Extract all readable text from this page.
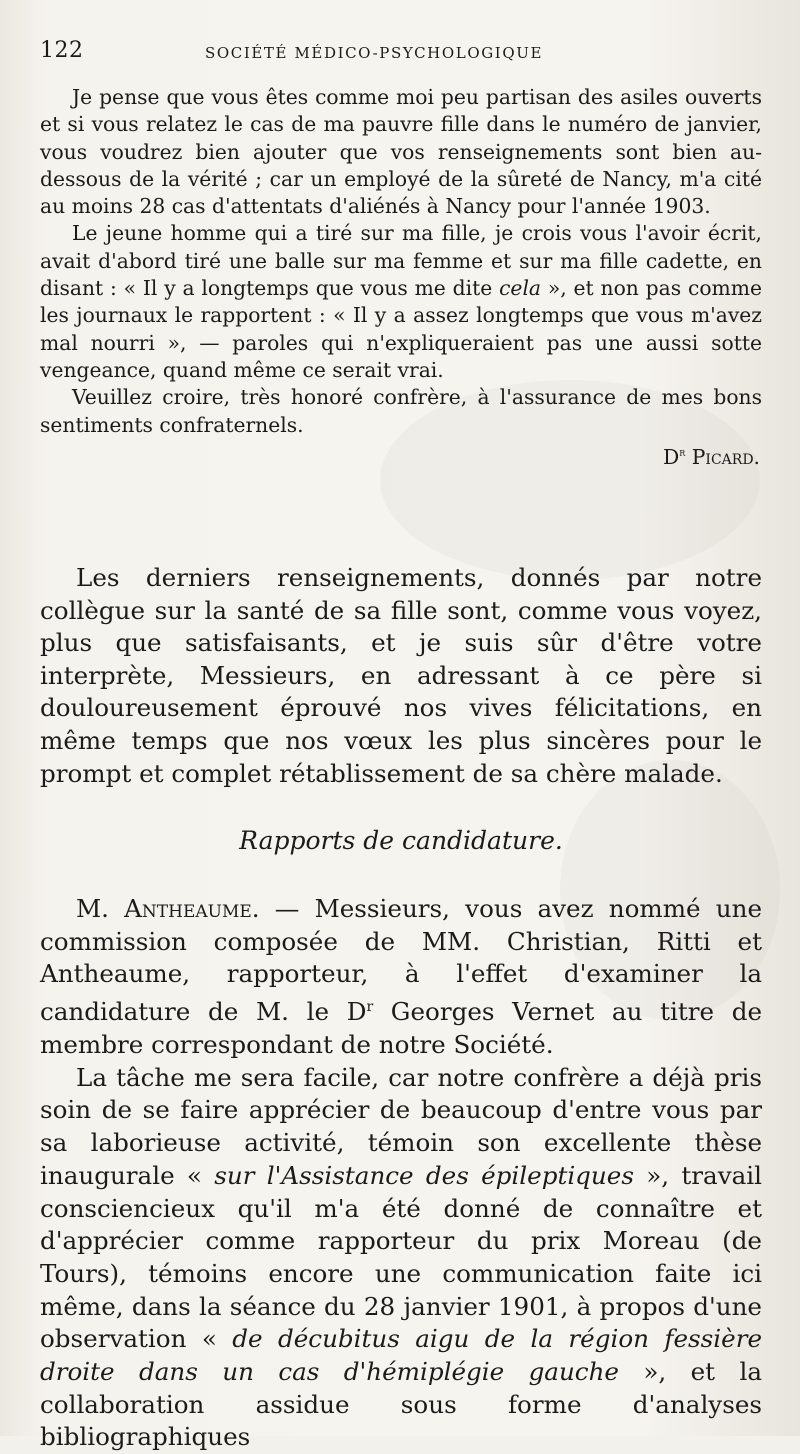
122	SOCIÉTÉ MÉDICO-PSYCHOLOGIQUE

Je pense que vous êtes comme moi peu partisan des asiles ouverts et si vous relatez le cas de ma pauvre fille dans le numéro de janvier, vous voudrez bien ajouter que vos renseignements sont bien au-dessous de la vérité ; car un employé de la sûreté de Nancy, m'a cité au moins 28 cas d'attentats d'aliénés à Nancy pour l'année 1903.

Le jeune homme qui a tiré sur ma fille, je crois vous l'avoir écrit, avait d'abord tiré une balle sur ma femme et sur ma fille cadette, en disant : « Il y a longtemps que vous me dite cela », et non pas comme les journaux le rapportent : « Il y a assez longtemps que vous m'avez mal nourri », — paroles qui n'expliqueraient pas une aussi sotte vengeance, quand même ce serait vrai.

Veuillez croire, très honoré confrère, à l'assurance de mes bons sentiments confraternels.

$D^r$ Picard.

Les derniers renseignements, donnés par notre collègue sur la santé de sa fille sont, comme vous voyez, plus que satisfaisants, et je suis sûr d'être votre interprète, Messieurs, en adressant à ce père si douloureusement éprouvé nos vives félicitations, en même temps que nos vœux les plus sincères pour le prompt et complet rétablissement de sa chère malade.

Rapports de candidature.

M. Antheaume. — Messieurs, vous avez nommé une commission composée de MM. Christian, Ritti et Antheaume, rapporteur, à l'effet d'examiner la candidature de M. le $D^r$ Georges Vernet au titre de membre correspondant de notre Société.

La tâche me sera facile, car notre confrère a déjà pris soin de se faire apprécier de beaucoup d'entre vous par sa laborieuse activité, témoin son excellente thèse inaugurale « sur l'Assistance des épileptiques », travail consciencieux qu'il m'a été donné de connaître et d'apprécier comme rapporteur du prix Moreau (de Tours), témoins encore une communication faite ici même, dans la séance du 28 janvier 1901, à propos d'une observation « de décubitus aigu de la région fessière droite dans un cas d'hémiplégie gauche », et la collaboration assidue sous forme d'analyses bibliographiques
